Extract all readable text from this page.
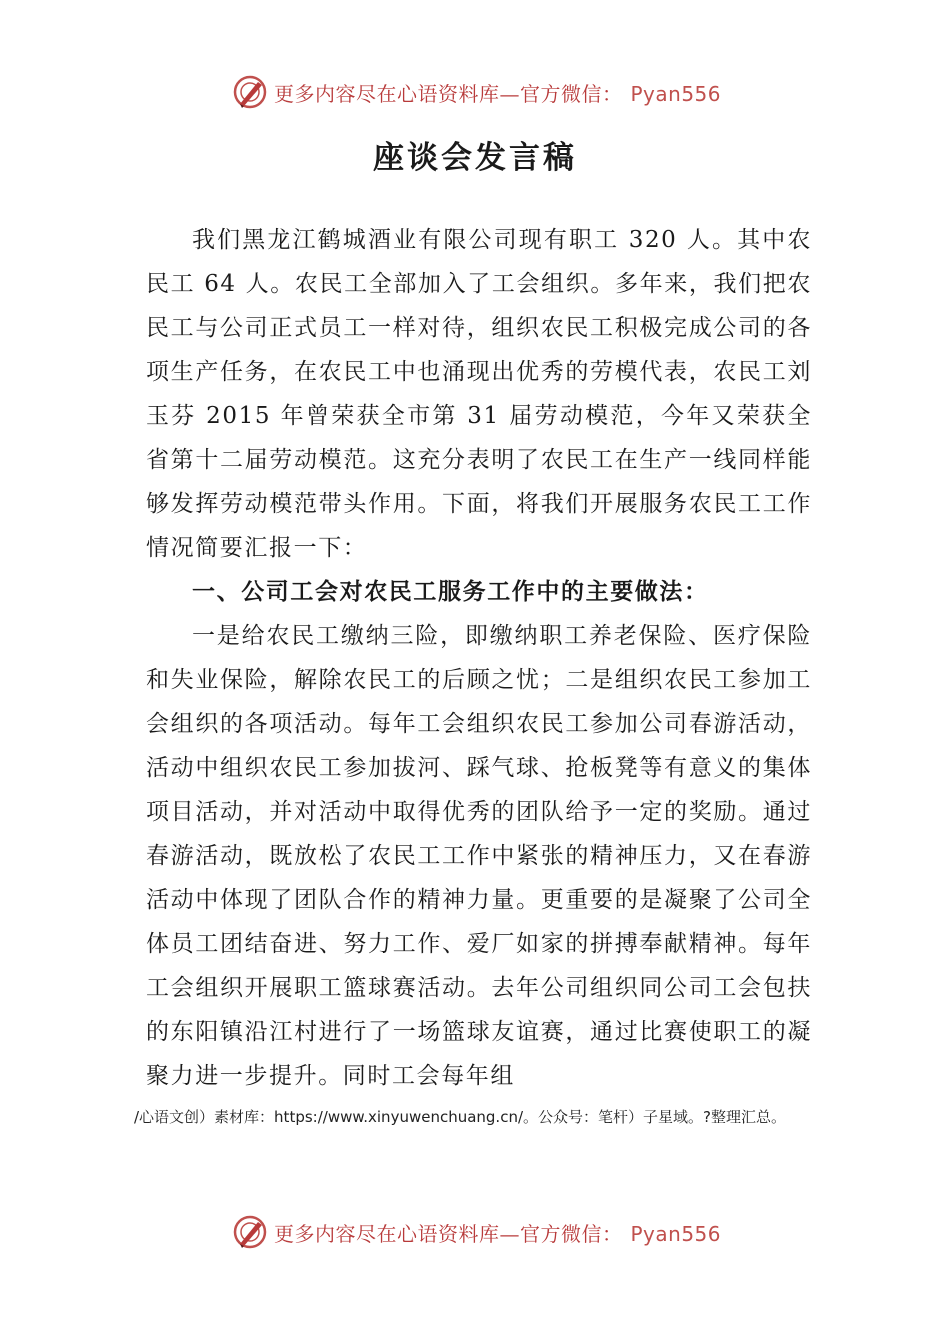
更多内容尽在心语资料库—官方微信： Pyan556
座谈会发言稿

我们黑龙江鹤城酒业有限公司现有职工 320 人。其中农民工 64 人。农民工全部加入了工会组织。多年来，我们把农民工与公司正式员工一样对待，组织农民工积极完成公司的各项生产任务，在农民工中也涌现出优秀的劳模代表，农民工刘玉芬 2015 年曾荣获全市第 31 届劳动模范，今年又荣获全省第十二届劳动模范。这充分表明了农民工在生产一线同样能够发挥劳动模范带头作用。下面，将我们开展服务农民工工作情况简要汇报一下：

一、公司工会对农民工服务工作中的主要做法：

一是给农民工缴纳三险，即缴纳职工养老保险、医疗保险和失业保险，解除农民工的后顾之忧；二是组织农民工参加工会组织的各项活动。每年工会组织农民工参加公司春游活动，活动中组织农民工参加拔河、踩气球、抢板凳等有意义的集体项目活动，并对活动中取得优秀的团队给予一定的奖励。通过春游活动，既放松了农民工工作中紧张的精神压力，又在春游活动中体现了团队合作的精神力量。更重要的是凝聚了公司全体员工团结奋进、努力工作、爱厂如家的拼搏奉献精神。每年工会组织开展职工篮球赛活动。去年公司组织同公司工会包扶的东阳镇沿江村进行了一场篮球友谊赛，通过比赛使职工的凝聚力进一步提升。同时工会每年组

/心语文创）素材库：https://www.xinyuwenchuang.cn/。公众号：笔杆）子星域。?整理汇总。
更多内容尽在心语资料库—官方微信： Pyan556
